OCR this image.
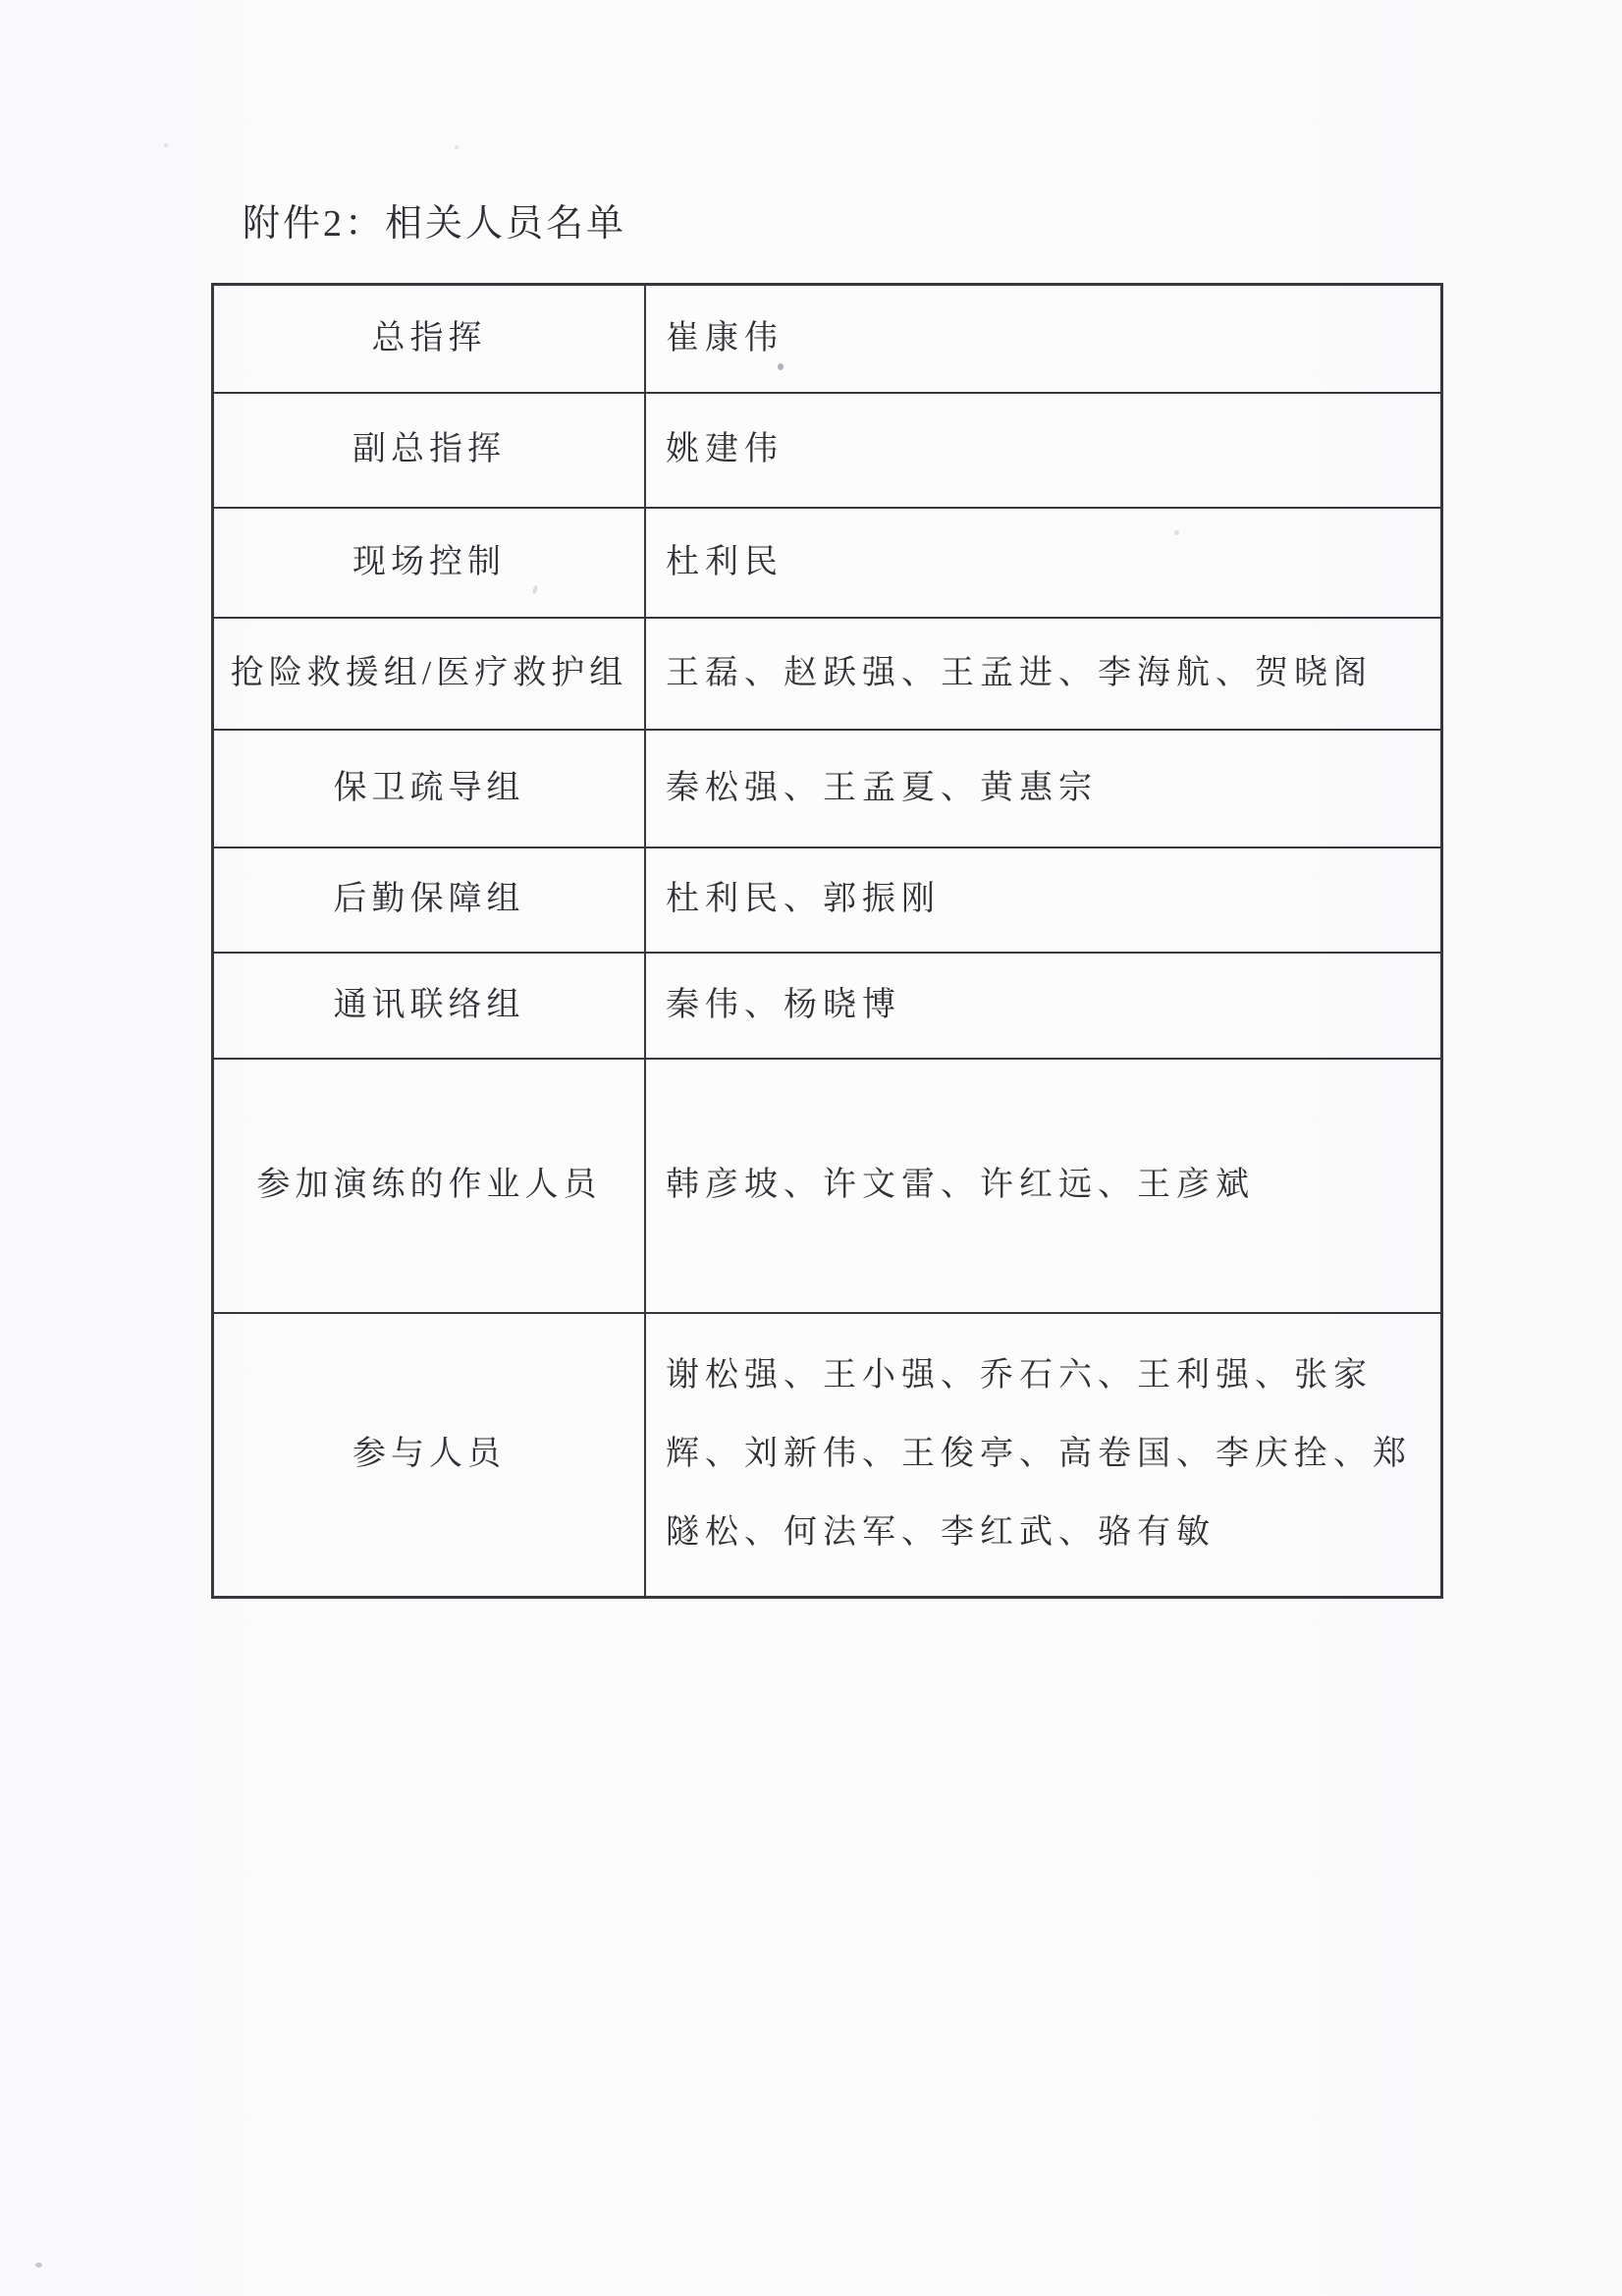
附件2：相关人员名单
总指挥	崔康伟
副总指挥	姚建伟
现场控制	杜利民
抢险救援组/医疗救护组	王磊、赵跃强、王孟进、李海航、贺晓阁
保卫疏导组	秦松强、王孟夏、黄惠宗
后勤保障组	杜利民、郭振刚
通讯联络组	秦伟、杨晓博
参加演练的作业人员	韩彦坡、许文雷、许红远、王彦斌
参与人员	谢松强、王小强、乔石六、王利强、张家辉、刘新伟、王俊亭、高卷国、李庆拴、郑隧松、何法军、李红武、骆有敏
